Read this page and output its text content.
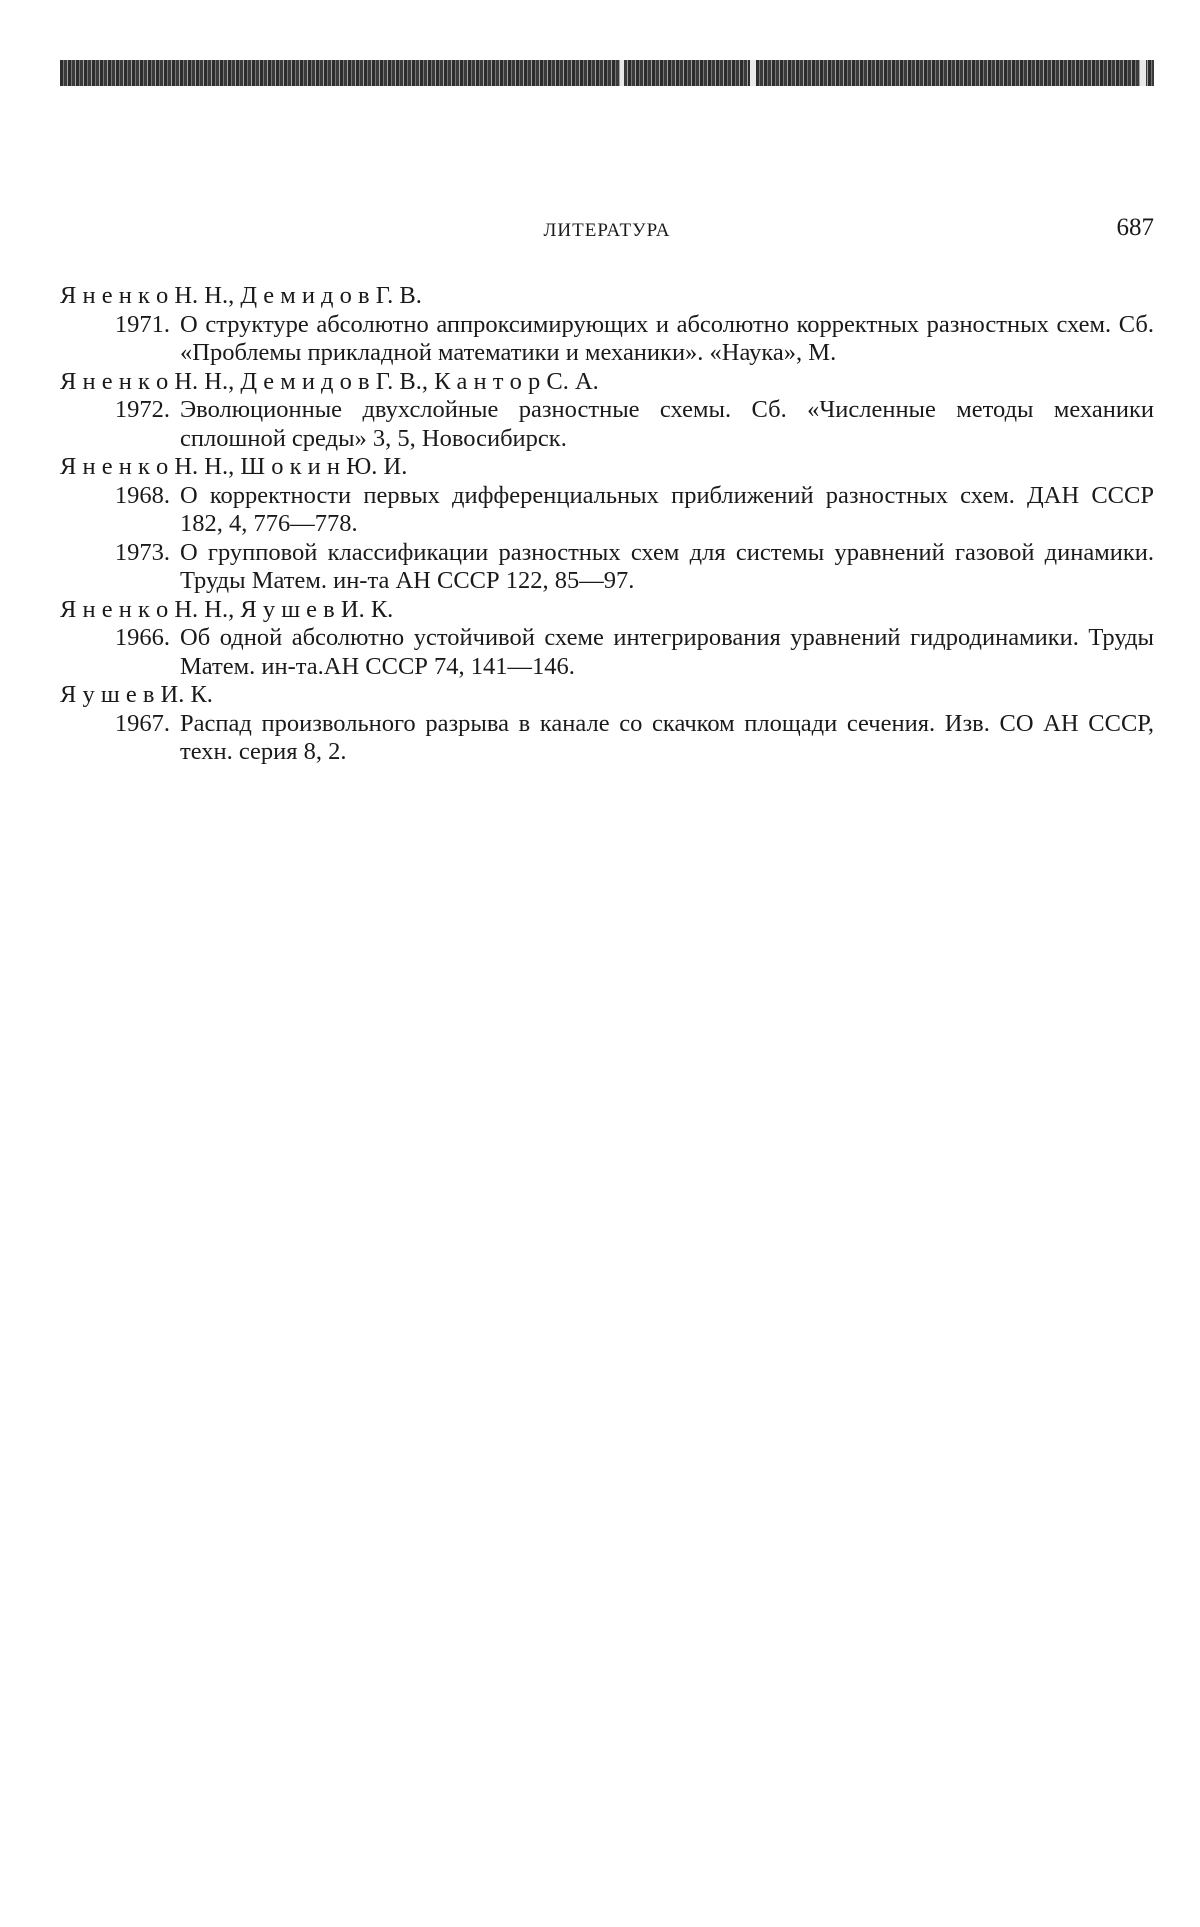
ЛИТЕРАТУРА	687
Я н е н к о Н. Н., Д е м и д о в Г. В.
1971. О структуре абсолютно аппроксимирующих и абсолютно корректных разностных схем. Сб. «Проблемы прикладной математики и механики». «Наука», М.
Я н е н к о Н. Н., Д е м и д о в Г. В., К а н т о р С. А.
1972. Эволюционные двухслойные разностные схемы. Сб. «Численные методы механики сплошной среды» 3, 5, Новосибирск.
Я н е н к о Н. Н., Ш о к и н Ю. И.
1968. О корректности первых дифференциальных приближений разностных схем. ДАН СССР 182, 4, 776—778.
1973. О групповой классификации разностных схем для системы уравнений газовой динамики. Труды Матем. ин-та АН СССР 122, 85—97.
Я н е н к о Н. Н., Я у ш е в И. К.
1966. Об одной абсолютно устойчивой схеме интегрирования уравнений гидродинамики. Труды Матем. ин-та.АН СССР 74, 141—146.
Я у ш е в И. К.
1967. Распад произвольного разрыва в канале со скачком площади сечения. Изв. СО АН СССР, техн. серия 8, 2.
